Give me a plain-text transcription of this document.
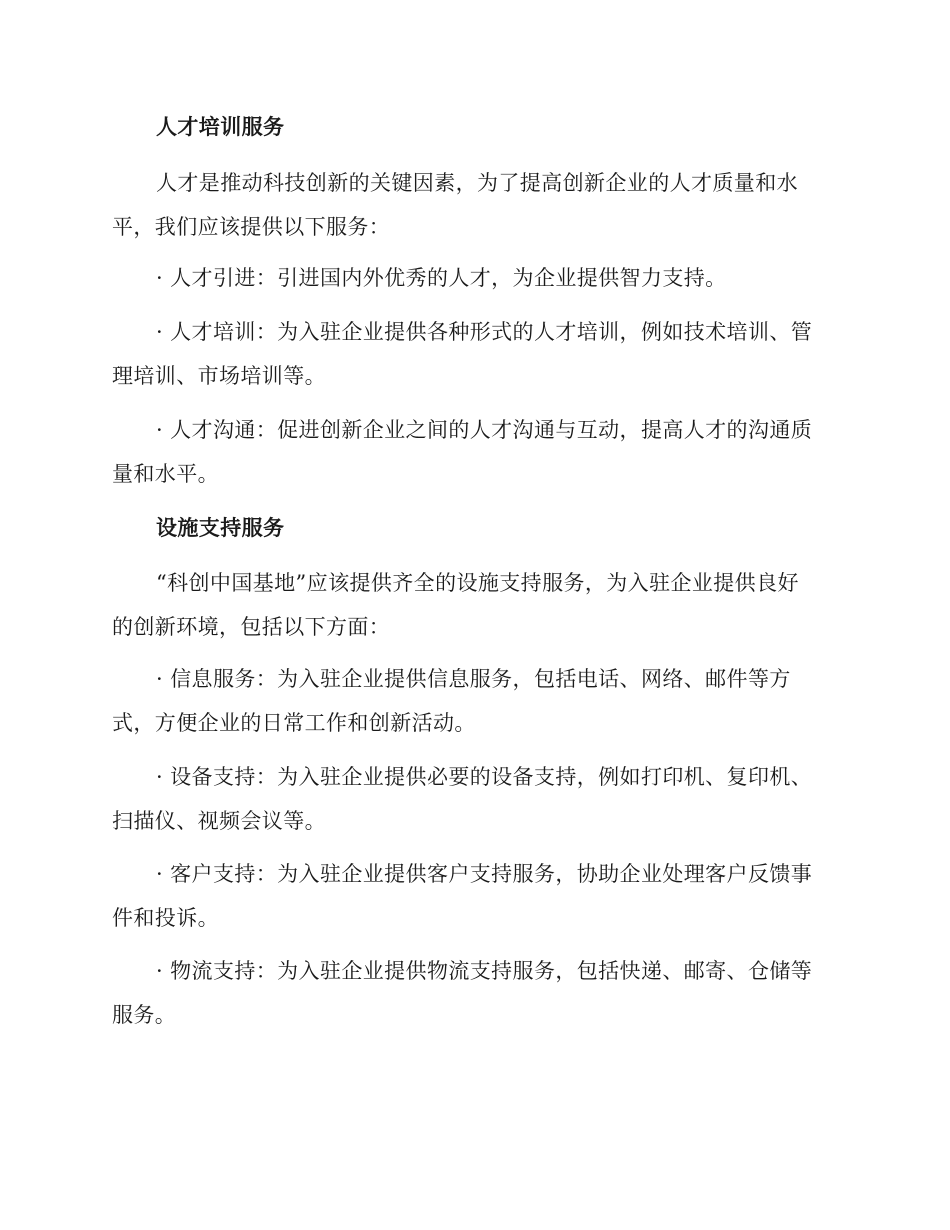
人才培训服务
人才是推动科技创新的关键因素，为了提高创新企业的人才质量和水
平，我们应该提供以下服务：
· 人才引进：引进国内外优秀的人才，为企业提供智力支持。
· 人才培训：为入驻企业提供各种形式的人才培训，例如技术培训、管
理培训、市场培训等。
· 人才沟通：促进创新企业之间的人才沟通与互动，提高人才的沟通质
量和水平。
设施支持服务
“科创中国基地”应该提供齐全的设施支持服务，为入驻企业提供良好
的创新环境，包括以下方面：
· 信息服务：为入驻企业提供信息服务，包括电话、网络、邮件等方
式，方便企业的日常工作和创新活动。
· 设备支持：为入驻企业提供必要的设备支持，例如打印机、复印机、
扫描仪、视频会议等。
· 客户支持：为入驻企业提供客户支持服务，协助企业处理客户反馈事
件和投诉。
· 物流支持：为入驻企业提供物流支持服务，包括快递、邮寄、仓储等
服务。
